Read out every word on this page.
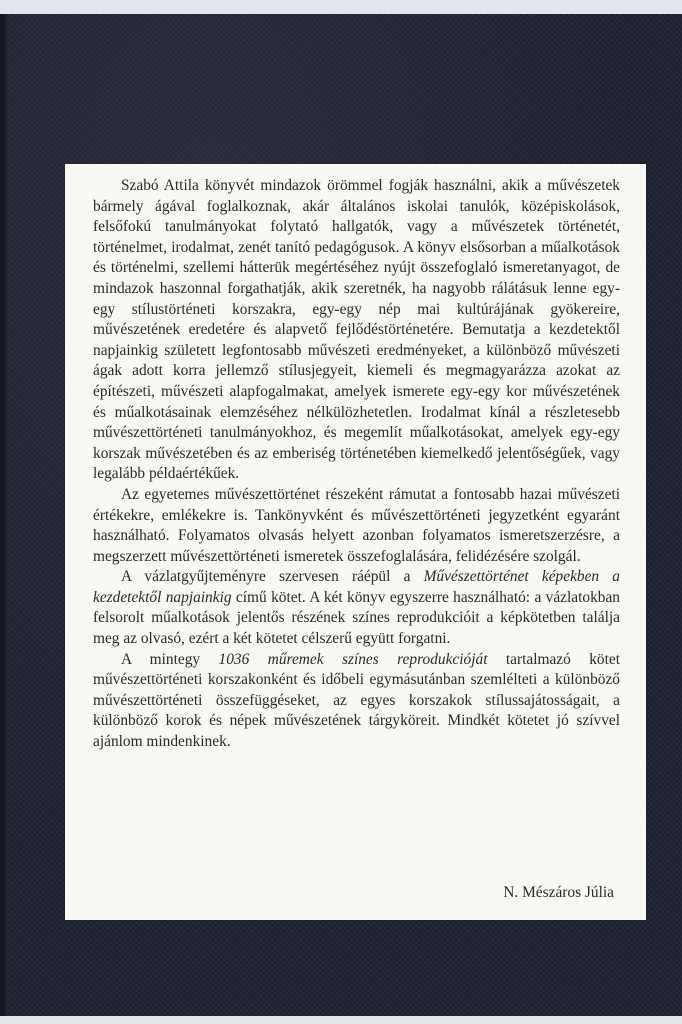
Szabó Attila könyvét mindazok örömmel fogják használni, akik a művészetek bármely ágával foglalkoznak, akár általános iskolai tanulók, középiskolások, felsőfokú tanulmányokat folytató hallgatók, vagy a művészetek történetét, történelmet, irodalmat, zenét tanító pedagógusok. A könyv elsősorban a műalkotások és történelmi, szellemi hátterük megértéséhez nyújt összefoglaló ismeretanyagot, de mindazok haszonnal forgathatják, akik szeretnék, ha nagyobb rálátásuk lenne egy-egy stílustörténeti korszakra, egy-egy nép mai kultúrájának gyökereire, művészetének eredetére és alapvető fejlődéstörténetére. Bemutatja a kezdetektől napjainkig született legfontosabb művészeti eredményeket, a különböző művészeti ágak adott korra jellemző stílusjegyeit, kiemeli és megmagyarázza azokat az építészeti, művészeti alapfogalmakat, amelyek ismerete egy-egy kor művészetének és műalkotásainak elemzéséhez nélkülözhetetlen. Irodalmat kínál a részletesebb művészettörténeti tanulmányokhoz, és megemlít műalkotásokat, amelyek egy-egy korszak művészetében és az emberiség történetében kiemelkedő jelentőségűek, vagy legalább példaértékűek.

Az egyetemes művészettörténet részeként rámutat a fontosabb hazai művészeti értékekre, emlékekre is. Tankönyvként és művészettörténeti jegyzetként egyaránt használható. Folyamatos olvasás helyett azonban folyamatos ismeretszerzésre, a megszerzett művészettörténeti ismeretek összefoglalására, felidézésére szolgál.

A vázlatgyűjteményre szervesen ráépül a Művészettörténet képekben a kezdetektől napjainkig című kötet. A két könyv egyszerre használható: a vázlatokban felsorolt műalkotások jelentős részének színes reprodukcióit a képkötetben találja meg az olvasó, ezért a két kötetet célszerű együtt forgatni.

A mintegy 1036 műremek színes reprodukcióját tartalmazó kötet művészettörténeti korszakonként és időbeli egymásutánban szemlélteti a különböző művészettörténeti összefüggéseket, az egyes korszakok stílussajátosságait, a különböző korok és népek művészetének tárgyköreit. Mindkét kötetet jó szívvel ajánlom mindenkinek.

N. Mészáros Júlia
